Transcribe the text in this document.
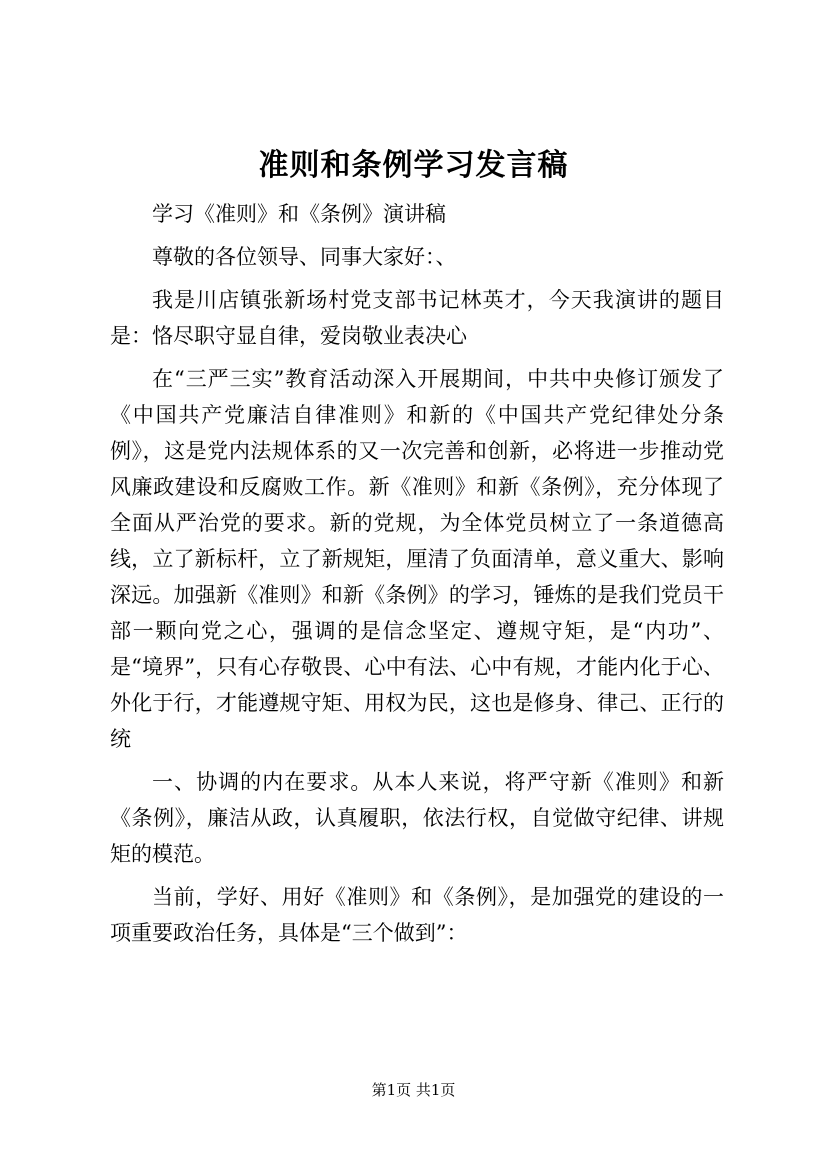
准则和条例学习发言稿

学习《准则》和《条例》演讲稿

尊敬的各位领导、同事大家好：、

我是川店镇张新场村党支部书记林英才，今天我演讲的题目是：恪尽职守显自律，爱岗敬业表决心

在“三严三实”教育活动深入开展期间，中共中央修订颁发了《中国共产党廉洁自律准则》和新的《中国共产党纪律处分条例》，这是党内法规体系的又一次完善和创新，必将进一步推动党风廉政建设和反腐败工作。新《准则》和新《条例》，充分体现了全面从严治党的要求。新的党规，为全体党员树立了一条道德高线，立了新标杆，立了新规矩，厘清了负面清单，意义重大、影响深远。加强新《准则》和新《条例》的学习，锤炼的是我们党员干部一颗向党之心，强调的是信念坚定、遵规守矩，是“内功”、是“境界”，只有心存敬畏、心中有法、心中有规，才能内化于心、外化于行，才能遵规守矩、用权为民，这也是修身、律己、正行的统

一、协调的内在要求。从本人来说，将严守新《准则》和新《条例》，廉洁从政，认真履职，依法行权，自觉做守纪律、讲规矩的模范。

当前，学好、用好《准则》和《条例》，是加强党的建设的一项重要政治任务，具体是“三个做到”：

第1页 共1页
